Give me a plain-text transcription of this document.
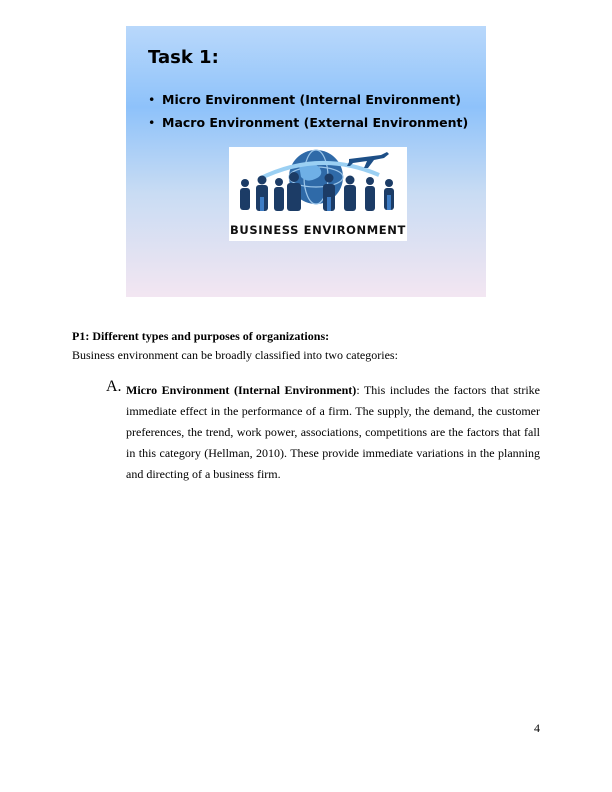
Task 1:
• Micro Environment (Internal Environment)
• Macro Environment (External Environment)
BUSINESS ENVIRONMENT

P1: Different types and purposes of organizations:

Business environment can be broadly classified into two categories:

A. Micro Environment (Internal Environment): This includes the factors that strike immediate effect in the performance of a firm. The supply, the demand, the customer preferences, the trend, work power, associations, competitions are the factors that fall in this category (Hellman, 2010). These provide immediate variations in the planning and directing of a business firm.

4
